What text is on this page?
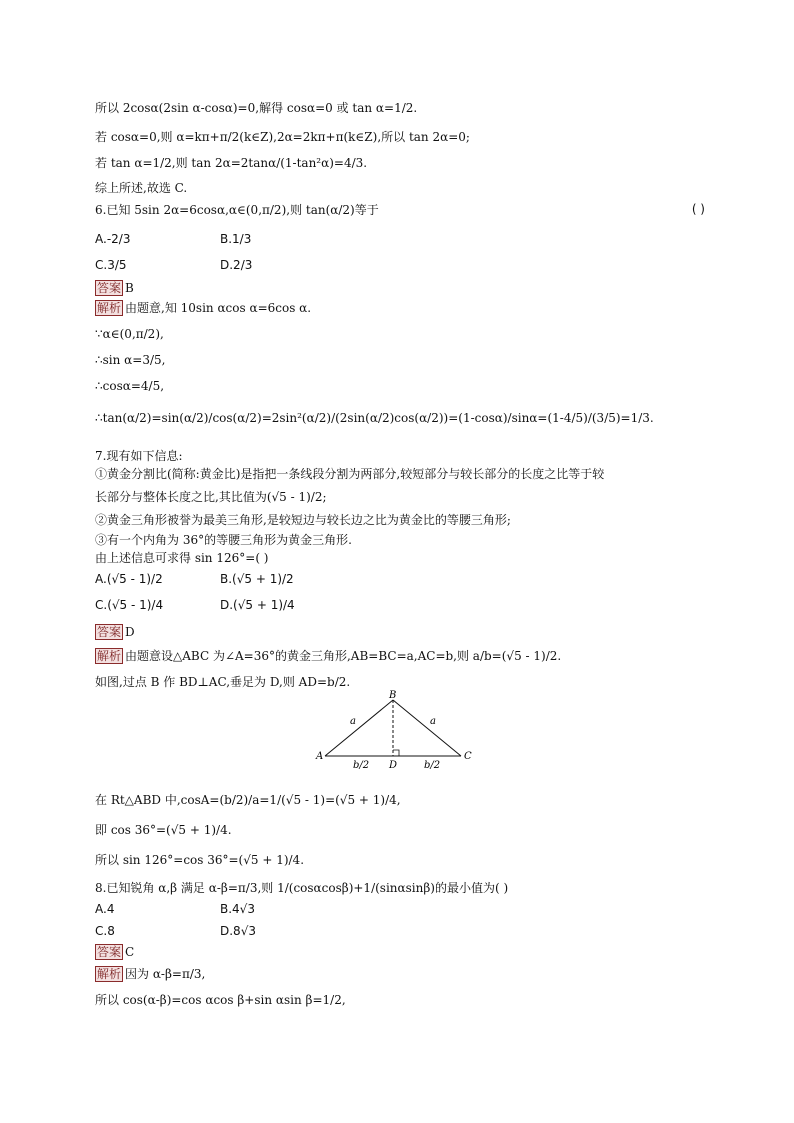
( )
A
B
C
D
a	a
b/2	b/2
所以 2cosα(2sin α-cosα)=0,解得 cosα=0 或 tan α=1/2.
若 cosα=0,则 α=kπ+π/2(k∈Z),2α=2kπ+π(k∈Z),所以 tan 2α=0;
若 tan α=1/2,则 tan 2α=2tanα/(1-tan²α)=4/3.
综上所述,故选 C.
6.已知 5sin 2α=6cosα,α∈(0,π/2),则 tan(α/2)等于
答案 B
解析 由题意,知 10sin αcos α=6cos α.
∵α∈(0,π/2),
∴sin α=3/5,
∴cosα=4/5,
∴tan(α/2)=sin(α/2)/cos(α/2)=2sin²(α/2)/(2sin(α/2)cos(α/2))=(1-cosα)/sinα=(1-4/5)/(3/5)=1/3.
7.现有如下信息:
①黄金分割比(简称:黄金比)是指把一条线段分割为两部分,较短部分与较长部分的长度之比等于较
长部分与整体长度之比,其比值为(√5 - 1)/2;
②黄金三角形被誉为最美三角形,是较短边与较长边之比为黄金比的等腰三角形;
③有一个内角为 36°的等腰三角形为黄金三角形.
由上述信息可求得 sin 126°=( )
答案 D
解析 由题意设△ABC 为∠A=36°的黄金三角形,AB=BC=a,AC=b,则 a/b=(√5 - 1)/2.
如图,过点 B 作 BD⊥AC,垂足为 D,则 AD=b/2.
在 Rt△ABD 中,cosA=(b/2)/a=1/(√5 - 1)=(√5 + 1)/4,
即 cos 36°=(√5 + 1)/4.
所以 sin 126°=cos 36°=(√5 + 1)/4.
8.已知锐角 α,β 满足 α-β=π/3,则 1/(cosαcosβ)+1/(sinαsinβ)的最小值为( )
答案 C
解析 因为 α-β=π/3,
所以 cos(α-β)=cos αcos β+sin αsin β=1/2,
A.-2/3	B.1/3
C.3/5	D.2/3
A.(√5 - 1)/2	B.(√5 + 1)/2
C.(√5 - 1)/4	D.(√5 + 1)/4
A.4	B.4√3
C.8	D.8√3
